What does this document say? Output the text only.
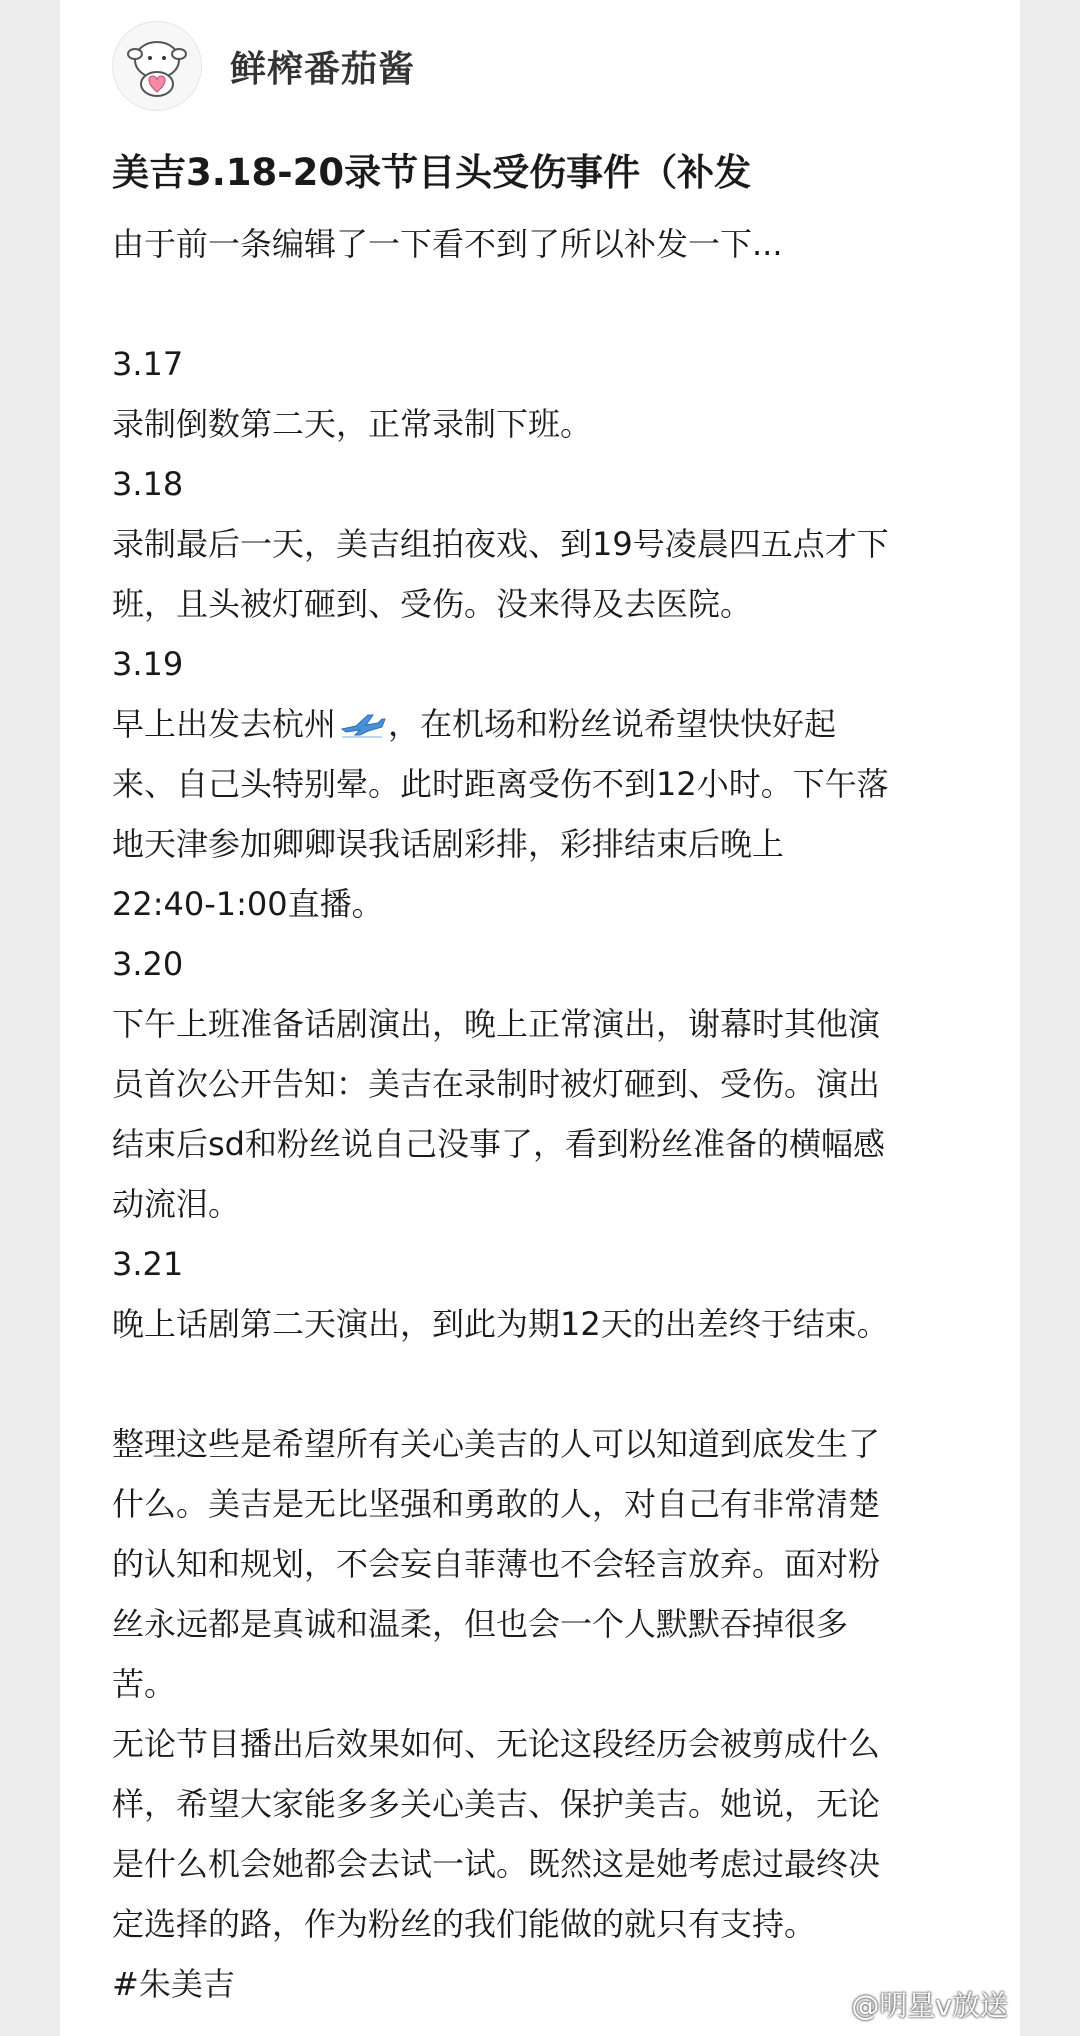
鲜榨番茄酱
美吉3.18-20录节目头受伤事件（补发
由于前一条编辑了一下看不到了所以补发一下...
3.17
录制倒数第二天，正常录制下班。
3.18
录制最后一天，美吉组拍夜戏、到19号凌晨四五点才下
班，且头被灯砸到、受伤。没来得及去医院。
3.19
早上出发去杭州 ，在机场和粉丝说希望快快好起
来、自己头特别晕。此时距离受伤不到12小时。下午落
地天津参加卿卿误我话剧彩排，彩排结束后晚上
22:40-1:00直播。
3.20
下午上班准备话剧演出，晚上正常演出，谢幕时其他演
员首次公开告知：美吉在录制时被灯砸到、受伤。演出
结束后sd和粉丝说自己没事了，看到粉丝准备的横幅感
动流泪。
3.21
晚上话剧第二天演出，到此为期12天的出差终于结束。
整理这些是希望所有关心美吉的人可以知道到底发生了
什么。美吉是无比坚强和勇敢的人，对自己有非常清楚
的认知和规划，不会妄自菲薄也不会轻言放弃。面对粉
丝永远都是真诚和温柔，但也会一个人默默吞掉很多
苦。
无论节目播出后效果如何、无论这段经历会被剪成什么
样，希望大家能多多关心美吉、保护美吉。她说，无论
是什么机会她都会去试一试。既然这是她考虑过最终决
定选择的路，作为粉丝的我们能做的就只有支持。
#朱美吉
@明星v放送
